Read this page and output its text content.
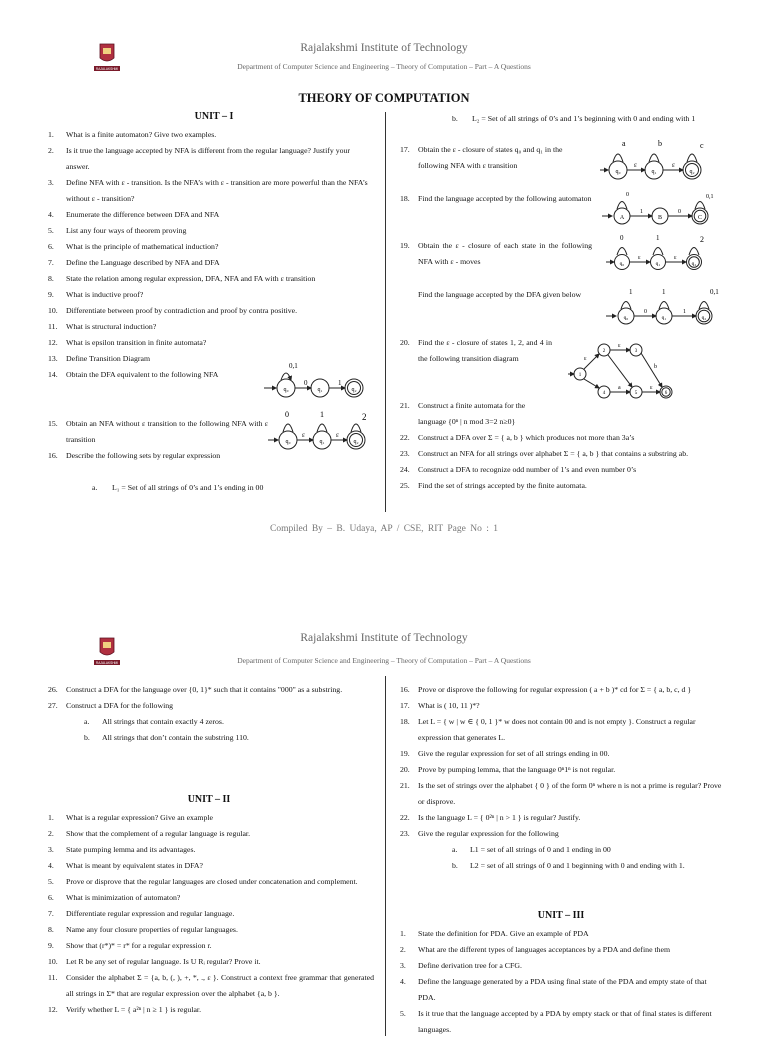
RAJALAKSHMI
Rajalakshmi Institute of Technology
Department of Computer Science and Engineering – Theory of Computation – Part – A Questions
THEORY OF COMPUTATION
UNIT – I
1. What is a finite automaton? Give two examples.
2. Is it true the language accepted by NFA is different from the regular language? Justify your answer.
3. Define NFA with ε - transition. Is the NFA’s with ε - transition are more powerful than the NFA’s without ε - transition?
4. Enumerate the difference between DFA and NFA
5. List any four ways of theorem proving
6. What is the principle of mathematical induction?
7. Define the Language described by NFA and DFA
8. State the relation among regular expression, DFA, NFA and FA with ε transition
9. What is inductive proof?
10. Differentiate between proof by contradiction and proof by contra positive.
11. What is structural induction?
12. What is epsilon transition in finite automata?
13. Define Transition Diagram
14. Obtain the DFA equivalent to the following NFA
q₀	q₁	q₂
0,1
1
0
15. Obtain an NFA without ε transition to the following NFA with ε transition
16. Describe the following sets by regular expression
a. L₁ = Set of all strings of 0’s and 1’s ending in 00
q₀	q₁	q₂
0	1	2
ε	ε
b. L₂ = Set of all strings of 0’s and 1’s beginning with 0 and ending with 1
17. Obtain the ε - closure of states q₀ and q₁ in the following NFA with ε transition
q₀	q₁	q₂
a	b	c
ε	ε
18. Find the language accepted by the following automaton
A	B	C
0
1	0
0,1
19. Obtain the ε - closure of each state in the following NFA with ε - moves	q₀	q₁	q₂
0	1	2
ε	ε
Find the language accepted by the DFA given below
q₀	q₁	q₂
1	1
0	1
0,1
20. Find the ε - closure of states 1, 2, and 4 in the following transition diagram
1
2	3
4	5	6
ε
ε
a	ε
b
21. Construct a finite automata for the language {0ⁿ | n mod 3=2 n≥0}
22. Construct a DFA over Σ = { a, b } which produces not more than 3a’s
23. Construct an NFA for all strings over alphabet Σ = { a, b } that contains a substring ab.
24. Construct a DFA to recognize odd number of 1’s and even number 0’s
25. Find the set of strings accepted by the finite automata.
Compiled By – B. Udaya, AP / CSE, RIT Page No : 1
RAJALAKSHMI
Rajalakshmi Institute of Technology
Department of Computer Science and Engineering – Theory of Computation – Part – A Questions
26. Construct a DFA for the language over {0, 1}* such that it contains "000" as a substring.
27. Construct a DFA for the following
a. All strings that contain exactly 4 zeros.
b. All strings that don’t contain the substring 110.
UNIT – II
1. What is a regular expression? Give an example
2. Show that the complement of a regular language is regular.
3. State pumping lemma and its advantages.
4. What is meant by equivalent states in DFA?
5. Prove or disprove that the regular languages are closed under concatenation and complement.
6. What is minimization of automaton?
7. Differentiate regular expression and regular language.
8. Name any four closure properties of regular languages.
9. Show that (r*)* = r* for a regular expression r.
10. Let R be any set of regular language. Is U Rᵢ regular? Prove it.
11. Consider the alphabet Σ = {a, b, (, ), +, *, ., ε }. Construct a context free grammar that generated all strings in Σ* that are regular expression over the alphabet {a, b }.
12. Verify whether L = { a²ⁿ | n ≥ 1 } is regular.
16. Prove or disprove the following for regular expression ( a + b )* cd for Σ = { a, b, c, d }
17. What is ( 10, 11 )*?
18. Let L = { w | w ∈ { 0, 1 }* w does not contain 00 and is not empty }. Construct a regular expression that generates L.
19. Give the regular expression for set of all strings ending in 00.
20. Prove by pumping lemma, that the language 0ⁿ1ⁿ is not regular.
21. Is the set of strings over the alphabet { 0 } of the form 0ⁿ where n is not a prime is regular? Prove or disprove.
22. Is the language L = { 0²ⁿ | n > 1 } is regular? Justify.
23. Give the regular expression for the following
a. L1 = set of all strings of 0 and 1 ending in 00
b. L2 = set of all strings of 0 and 1 beginning with 0 and ending with 1.
UNIT – III
1. State the definition for PDA. Give an example of PDA
2. What are the different types of languages acceptances by a PDA and define them
3. Define derivation tree for a CFG.
4. Define the language generated by a PDA using final state of the PDA and empty state of that PDA.
5. Is it true that the language accepted by a PDA by empty stack or that of final states is different languages.
